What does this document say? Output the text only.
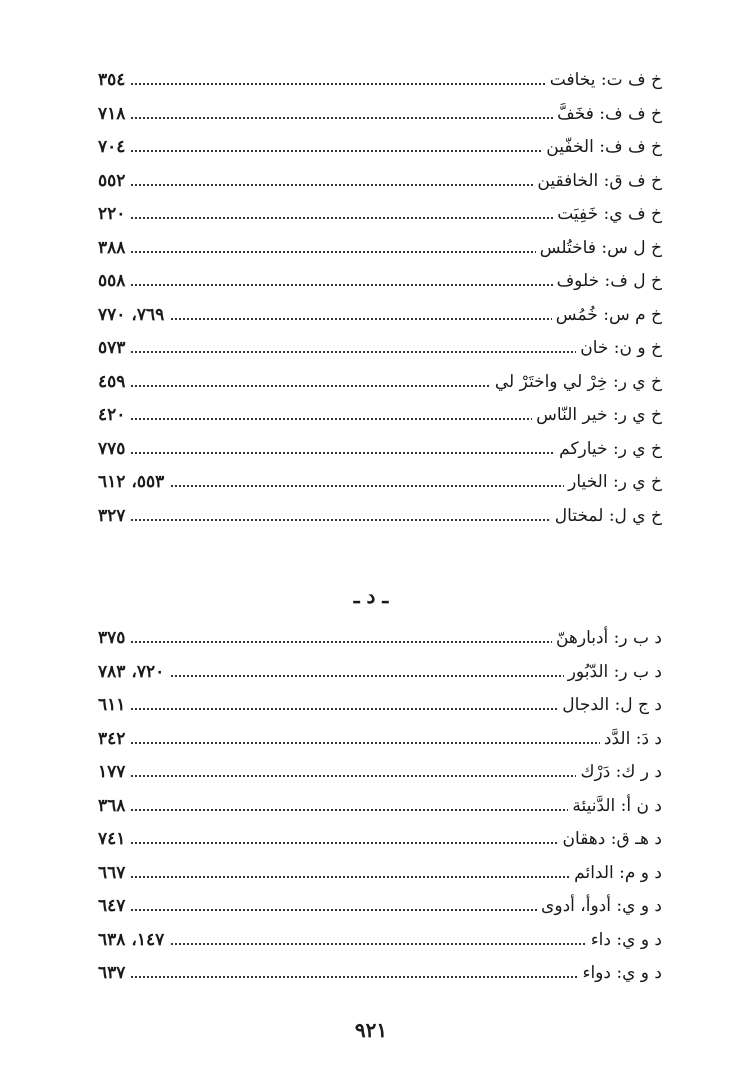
خ ف ت: يخافت
٣٥٤
خ ف ف: فخَفَّ
٧١٨
خ ف ف: الخفّين
٧٠٤
خ ف ق: الخافقين
٥٥٢
خ ف ي: خَفِيَت
٢٢٠
خ ل س: فاختُلس
٣٨٨
خ ل ف: خلوف
٥٥٨
خ م س: خُمُس
٧٦٩، ٧٧٠
خ و ن: خان
٥٧٣
خ ي ر: خِرْ لي واختَرْ لي
٤٥٩
خ ي ر: خير النّاس
٤٢٠
خ ي ر: خياركم
٧٧٥
خ ي ر: الخيار
٥٥٣، ٦١٢
خ ي ل: لمختال
٣٢٧
ـ د ـ
د ب ر: أدبارهنّ
٣٧٥
د ب ر: الدّبُور
٧٢٠، ٧٨٣
د ج ل: الدجال
٦١١
د دَ: الدَّد
٣٤٢
د ر ك: دَرْك
١٧٧
د ن أ: الدَّنيئة
٣٦٨
د هـ ق: دهقان
٧٤١
د و م: الدائم
٦٦٧
د و ي: أدوأ، أدوى
٦٤٧
د و ي: داء
١٤٧، ٦٣٨
د و ي: دواء
٦٣٧
٩٢١
